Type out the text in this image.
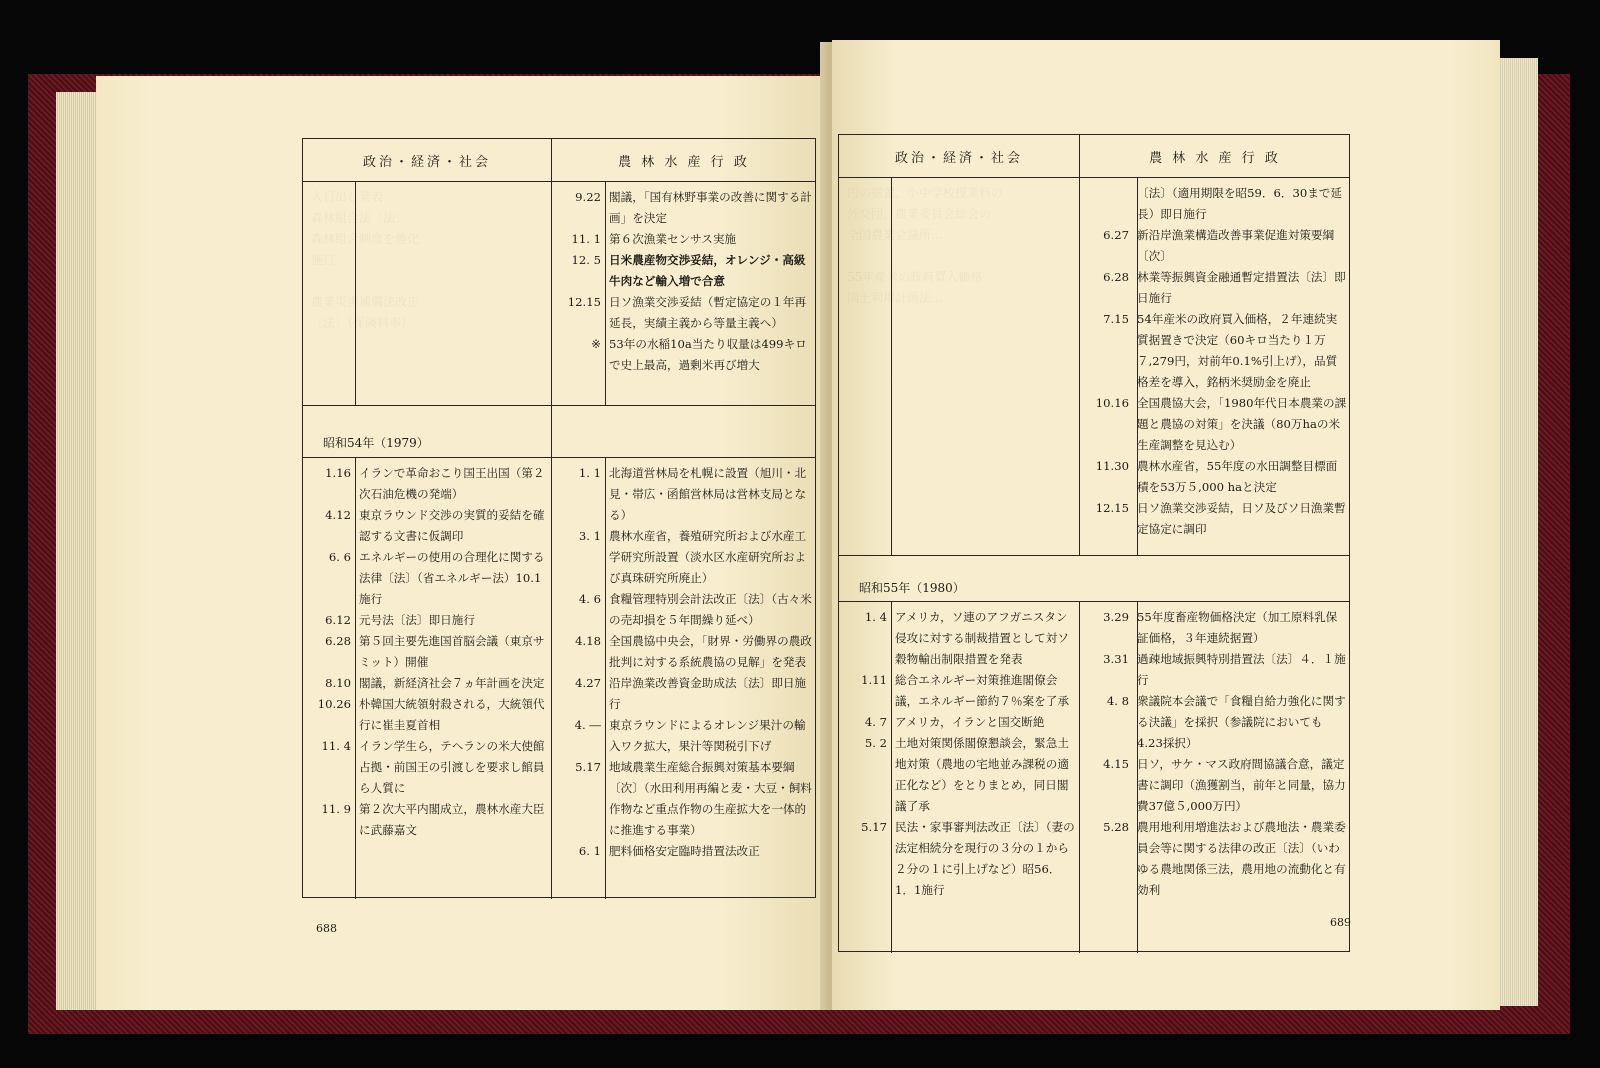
政治・経済・社会	農 林 水 産 行 政
昭和54年（1979）
入目出し発表
森林組合法〔法〕
森林組合制度を強化
施行

農業災害補償法改正
〔法〕（保険料率）
9.22 閣議，「国有林野事業の改善に関する計画」を決定
11. 1 第６次漁業センサス実施
12. 5 日米農産物交渉妥結，オレンジ・高級牛肉など輸入増で合意
12.15 日ソ漁業交渉妥結（暫定協定の１年再延長，実績主義から等量主義へ）
※ 53年の水稲10a当たり収量は499キロで史上最高，過剰米再び増大
1.16 イランで革命おこり国王出国（第２次石油危機の発端）
4.12 東京ラウンド交渉の実質的妥結を確認する文書に仮調印
6. 6 エネルギーの使用の合理化に関する法律〔法〕（省エネルギー法）10.1 施行
6.12 元号法〔法〕即日施行
6.28 第５回主要先進国首脳会議（東京サミット）開催
8.10 閣議，新経済社会７ヵ年計画を決定
10.26 朴韓国大統領射殺される，大統領代行に崔圭夏首相
11. 4 イラン学生ら，テヘランの米大使館占拠・前国王の引渡しを要求し館員ら人質に
11. 9 第２次大平内閣成立，農林水産大臣に武藤嘉文
1. 1 北海道営林局を札幌に設置（旭川・北見・帯広・函館営林局は営林支局となる）
3. 1 農林水産省，養殖研究所および水産工学研究所設置（淡水区水産研究所および真珠研究所廃止）
4. 6 食糧管理特別会計法改正〔法〕（古々米の売却損を５年間繰り延べ）
4.18 全国農協中央会，「財界・労働界の農政批判に対する系統農協の見解」を発表
4.27 沿岸漁業改善資金助成法〔法〕即日施行
4. ― 東京ラウンドによるオレンジ果汁の輸入ワク拡大，果汁等関税引下げ
5.17 地域農業生産総合振興対策基本要綱〔次〕（水田利用再編と麦・大豆・飼料作物など重点作物の生産拡大を一体的に推進する事業）
6. 1 肥料価格安定臨時措置法改正
688
政治・経済・社会	農 林 水 産 行 政
昭和55年（1980）
円の据置，小中学校授業料の
外交団，農業委員会総会の
全国農業会議所...

55年産米の政府買入価格
国土利用計画法...
〔法〕（適用期限を昭59．6．30まで延長）即日施行
6.27 新沿岸漁業構造改善事業促進対策要綱〔次〕
6.28 林業等振興資金融通暫定措置法〔法〕即日施行
7.15 54年産米の政府買入価格，２年連続実質据置きで決定（60キロ当たり１万７,279円，対前年0.1%引上げ），品質格差を導入，銘柄米奨励金を廃止
10.16 全国農協大会，「1980年代日本農業の課題と農協の対策」を決議（80万haの米生産調整を見込む）
11.30 農林水産省，55年度の水田調整目標面積を53万５,000 haと決定
12.15 日ソ漁業交渉妥結，日ソ及びソ日漁業暫定協定に調印
1. 4 アメリカ，ソ連のアフガニスタン侵攻に対する制裁措置として対ソ穀物輸出制限措置を発表
1.11 総合エネルギー対策推進閣僚会議，エネルギー節約７％案を了承
4. 7 アメリカ，イランと国交断絶
5. 2 土地対策関係閣僚懇談会，緊急土地対策（農地の宅地並み課税の適正化など）をとりまとめ，同日閣議了承
5.17 民法・家事審判法改正〔法〕（妻の法定相続分を現行の３分の１から２分の１に引上げなど）昭56．1．1施行
3.29 55年度畜産物価格決定（加工原料乳保証価格，３年連続据置）
3.31 過疎地域振興特別措置法〔法〕４．１施行
4. 8 衆議院本会議で「食糧自給力強化に関する決議」を採択（参議院においても4.23採択）
4.15 日ソ，サケ・マス政府間協議合意，議定書に調印（漁獲割当，前年と同量，協力費37億５,000万円）
5.28 農用地利用増進法および農地法・農業委員会等に関する法律の改正〔法〕（いわゆる農地関係三法，農用地の流動化と有効利
689
